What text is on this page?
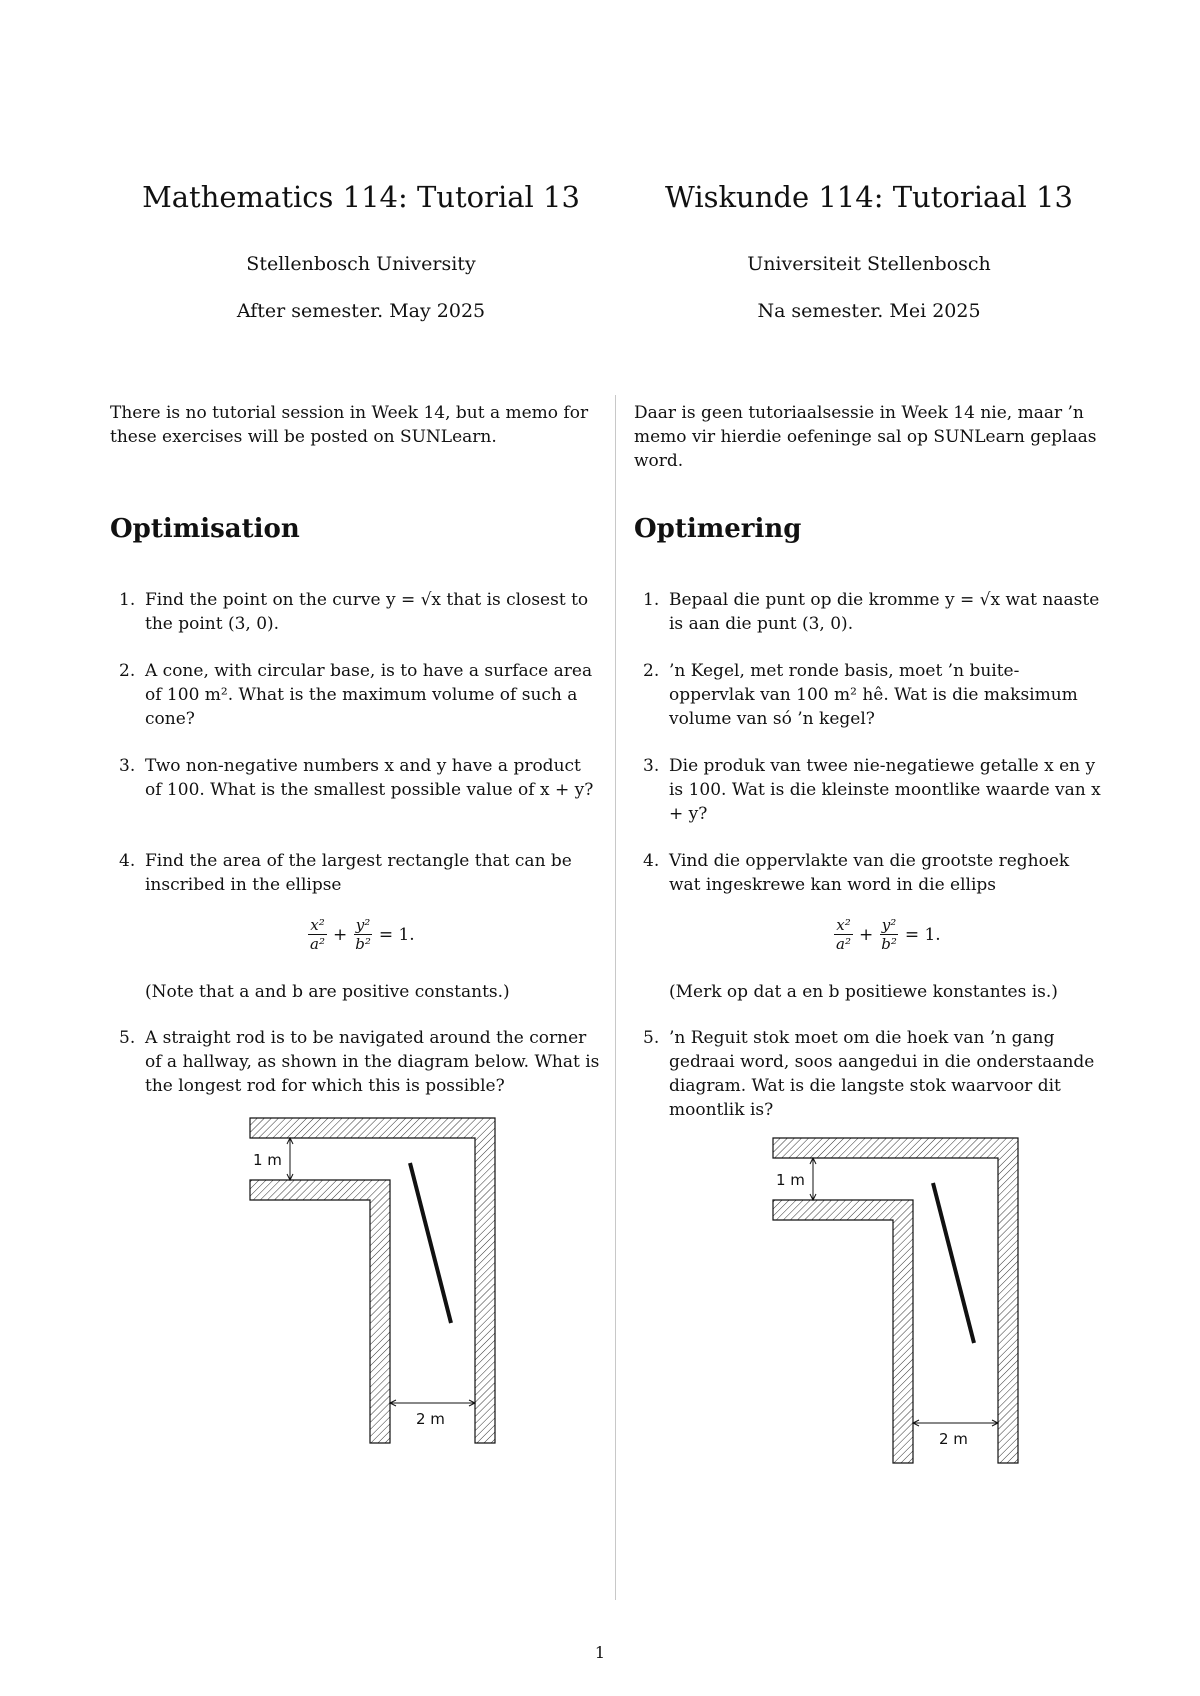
Mathematics 114: Tutorial 13

Stellenbosch University

After semester. May 2025

There is no tutorial session in Week 14, but a memo for these exercises will be posted on SUNLearn.

Optimisation
1. Find the point on the curve y = √x that is closest to the point (3, 0).
2. A cone, with circular base, is to have a surface area of 100 m². What is the maximum volume of such a cone?
3. Two non-negative numbers x and y have a product of 100. What is the smallest possible value of x + y?
4. Find the area of the largest rectangle that can be inscribed in the ellipse
$\frac{\text{x²}}{\text{a²}} + \frac{\text{y²}}{\text{b²}} = 1$.

(Note that a and b are positive constants.)

5. A straight rod is to be navigated around the corner of a hallway, as shown in the diagram below. What is the longest rod for which this is possible?
1 m
2 m
Wiskunde 114: Tutoriaal 13

Universiteit Stellenbosch

Na semester. Mei 2025

Daar is geen tutoriaalsessie in Week 14 nie, maar ’n memo vir hierdie oefeninge sal op SUNLearn geplaas word.

Optimering
1. Bepaal die punt op die kromme y = √x wat naaste is aan die punt (3, 0).
2. ’n Kegel, met ronde basis, moet ’n buite-oppervlak van 100 m² hê. Wat is die maksimum volume van só ’n kegel?
3. Die produk van twee nie-negatiewe getalle x en y is 100. Wat is die kleinste moontlike waarde van x + y?
4. Vind die oppervlakte van die grootste reghoek wat ingeskrewe kan word in die ellips
$\frac{\text{x²}}{\text{a²}} + \frac{\text{y²}}{\text{b²}} = 1$.

(Merk op dat a en b positiewe konstantes is.)

5. ’n Reguit stok moet om die hoek van ’n gang gedraai word, soos aangedui in die onderstaande diagram. Wat is die langste stok waarvoor dit moontlik is?
1 m
2 m
1
